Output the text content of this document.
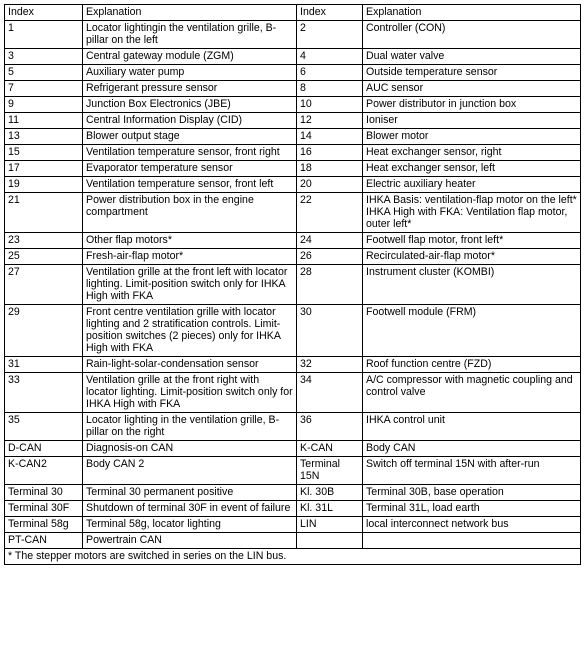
Index	Explanation	Index	Explanation
1	Locator lightingin the ventilation grille, B-pillar on the left	2	Controller (CON)
3	Central gateway module (ZGM)	4	Dual water valve
5	Auxiliary water pump	6	Outside temperature sensor
7	Refrigerant pressure sensor	8	AUC sensor
9	Junction Box Electronics (JBE)	10	Power distributor in junction box
11	Central Information Display (CID)	12	Ioniser
13	Blower output stage	14	Blower motor
15	Ventilation temperature sensor, front right	16	Heat exchanger sensor, right
17	Evaporator temperature sensor	18	Heat exchanger sensor, left
19	Ventilation temperature sensor, front left	20	Electric auxiliary heater
21	Power distribution box in the engine compartment	22	IHKA Basis: ventilation-flap motor on the left*
IHKA High with FKA: Ventilation flap motor, outer left*
23	Other flap motors*	24	Footwell flap motor, front left*
25	Fresh-air-flap motor*	26	Recirculated-air-flap motor*
27	Ventilation grille at the front left with locator lighting. Limit-position switch only for IHKA High with FKA	28	Instrument cluster (KOMBI)
29	Front centre ventilation grille with locator lighting and 2 stratification controls. Limit-position switches (2 pieces) only for IHKA High with FKA	30	Footwell module (FRM)
31	Rain-light-solar-condensation sensor	32	Roof function centre (FZD)
33	Ventilation grille at the front right with locator lighting. Limit-position switch only for IHKA High with FKA	34	A/C compressor with magnetic coupling and control valve
35	Locator lighting in the ventilation grille, B-pillar on the right	36	IHKA control unit
D-CAN	Diagnosis-on CAN	K-CAN	Body CAN
K-CAN2	Body CAN 2	Terminal 15N	Switch off terminal 15N with after-run
Terminal 30	Terminal 30 permanent positive	Kl. 30B	Terminal 30B, base operation
Terminal 30F	Shutdown of terminal 30F in event of failure	Kl. 31L	Terminal 31L, load earth
Terminal 58g	Terminal 58g, locator lighting	LIN	local interconnect network bus
PT-CAN	Powertrain CAN		
* The stepper motors are switched in series on the LIN bus.			
